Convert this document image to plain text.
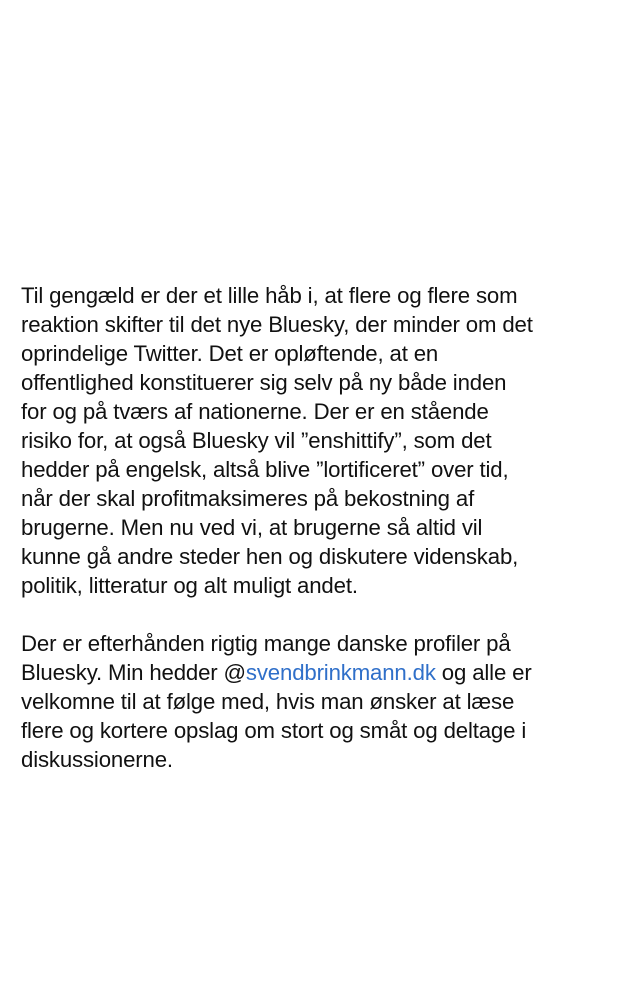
Til gengæld er der et lille håb i, at flere og flere som
reaktion skifter til det nye Bluesky, der minder om det
oprindelige Twitter. Det er opløftende, at en
offentlighed konstituerer sig selv på ny både inden
for og på tværs af nationerne. Der er en stående
risiko for, at også Bluesky vil ”enshittify”, som det
hedder på engelsk, altså blive ”lortificeret” over tid,
når der skal profitmaksimeres på bekostning af
brugerne. Men nu ved vi, at brugerne så altid vil
kunne gå andre steder hen og diskutere videnskab,
politik, litteratur og alt muligt andet.

Der er efterhånden rigtig mange danske profiler på
Bluesky. Min hedder @svendbrinkmann.dk og alle er
velkomne til at følge med, hvis man ønsker at læse
flere og kortere opslag om stort og småt og deltage i
diskussionerne.
